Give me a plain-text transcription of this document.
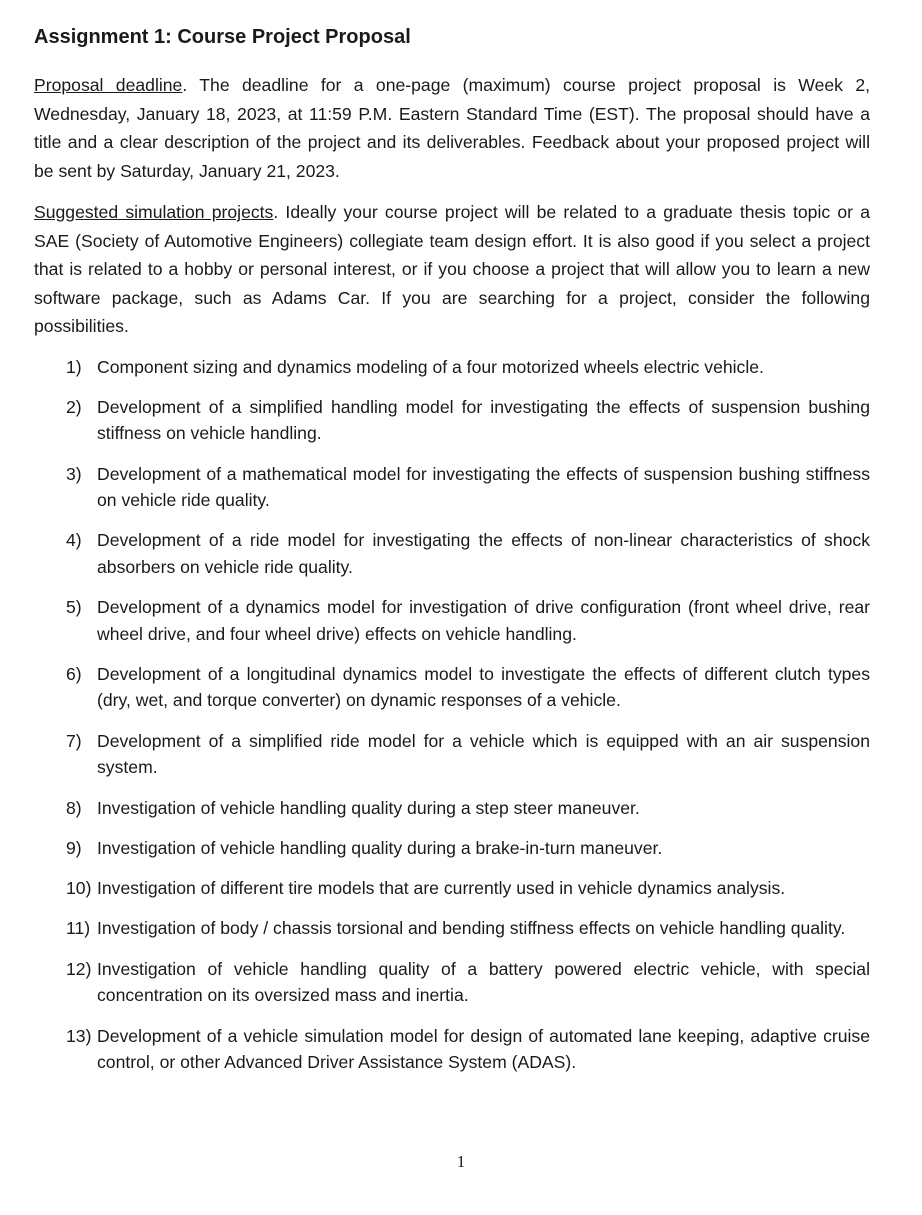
Assignment 1: Course Project Proposal

Proposal deadline. The deadline for a one-page (maximum) course project proposal is Week 2, Wednesday, January 18, 2023, at 11:59 P.M. Eastern Standard Time (EST). The proposal should have a title and a clear description of the project and its deliverables. Feedback about your proposed project will be sent by Saturday, January 21, 2023.

Suggested simulation projects. Ideally your course project will be related to a graduate thesis topic or a SAE (Society of Automotive Engineers) collegiate team design effort. It is also good if you select a project that is related to a hobby or personal interest, or if you choose a project that will allow you to learn a new software package, such as Adams Car. If you are searching for a project, consider the following possibilities.

1) Component sizing and dynamics modeling of a four motorized wheels electric vehicle.
2) Development of a simplified handling model for investigating the effects of suspension bushing stiffness on vehicle handling.
3) Development of a mathematical model for investigating the effects of suspension bushing stiffness on vehicle ride quality.
4) Development of a ride model for investigating the effects of non-linear characteristics of shock absorbers on vehicle ride quality.
5) Development of a dynamics model for investigation of drive configuration (front wheel drive, rear wheel drive, and four wheel drive) effects on vehicle handling.
6) Development of a longitudinal dynamics model to investigate the effects of different clutch types (dry, wet, and torque converter) on dynamic responses of a vehicle.
7) Development of a simplified ride model for a vehicle which is equipped with an air suspension system.
8) Investigation of vehicle handling quality during a step steer maneuver.
9) Investigation of vehicle handling quality during a brake-in-turn maneuver.
10) Investigation of different tire models that are currently used in vehicle dynamics analysis.
11) Investigation of body / chassis torsional and bending stiffness effects on vehicle handling quality.
12) Investigation of vehicle handling quality of a battery powered electric vehicle, with special concentration on its oversized mass and inertia.
13) Development of a vehicle simulation model for design of automated lane keeping, adaptive cruise control, or other Advanced Driver Assistance System (ADAS).
1
